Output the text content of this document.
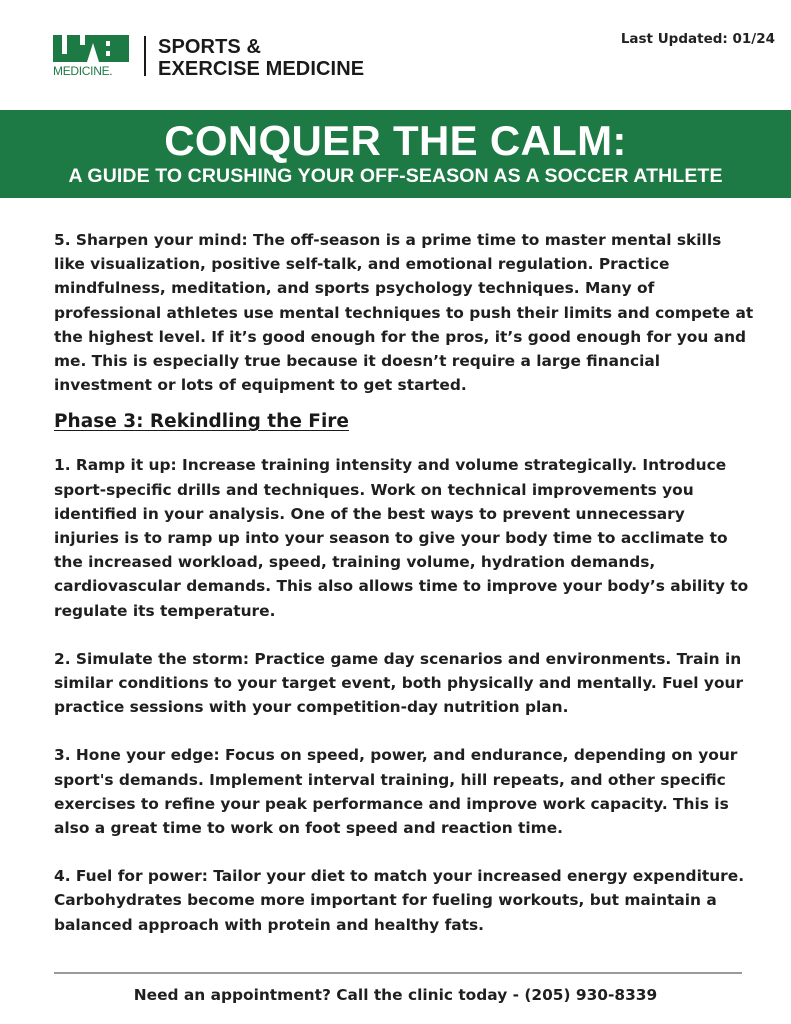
MEDICINE.
SPORTS &
EXERCISE MEDICINE
Last Updated: 01/24
CONQUER THE CALM:
A GUIDE TO CRUSHING YOUR OFF-SEASON AS A SOCCER ATHLETE

5. Sharpen your mind: The off-season is a prime time to master mental skills like visualization, positive self-talk, and emotional regulation. Practice mindfulness, meditation, and sports psychology techniques. Many of professional athletes use mental techniques to push their limits and compete at the highest level. If it’s good enough for the pros, it’s good enough for you and me. This is especially true because it doesn’t require a large financial investment or lots of equipment to get started.

Phase 3: Rekindling the Fire

1. Ramp it up: Increase training intensity and volume strategically. Introduce sport-specific drills and techniques. Work on technical improvements you identified in your analysis. One of the best ways to prevent unnecessary injuries is to ramp up into your season to give your body time to acclimate to the increased workload, speed, training volume, hydration demands, cardiovascular demands. This also allows time to improve your body’s ability to regulate its temperature.

2. Simulate the storm: Practice game day scenarios and environments. Train in similar conditions to your target event, both physically and mentally. Fuel your practice sessions with your competition-day nutrition plan.

3. Hone your edge: Focus on speed, power, and endurance, depending on your sport's demands. Implement interval training, hill repeats, and other specific exercises to refine your peak performance and improve work capacity. This is also a great time to work on foot speed and reaction time.

4. Fuel for power: Tailor your diet to match your increased energy expenditure. Carbohydrates become more important for fueling workouts, but maintain a balanced approach with protein and healthy fats.

Need an appointment? Call the clinic today - (205) 930-8339
